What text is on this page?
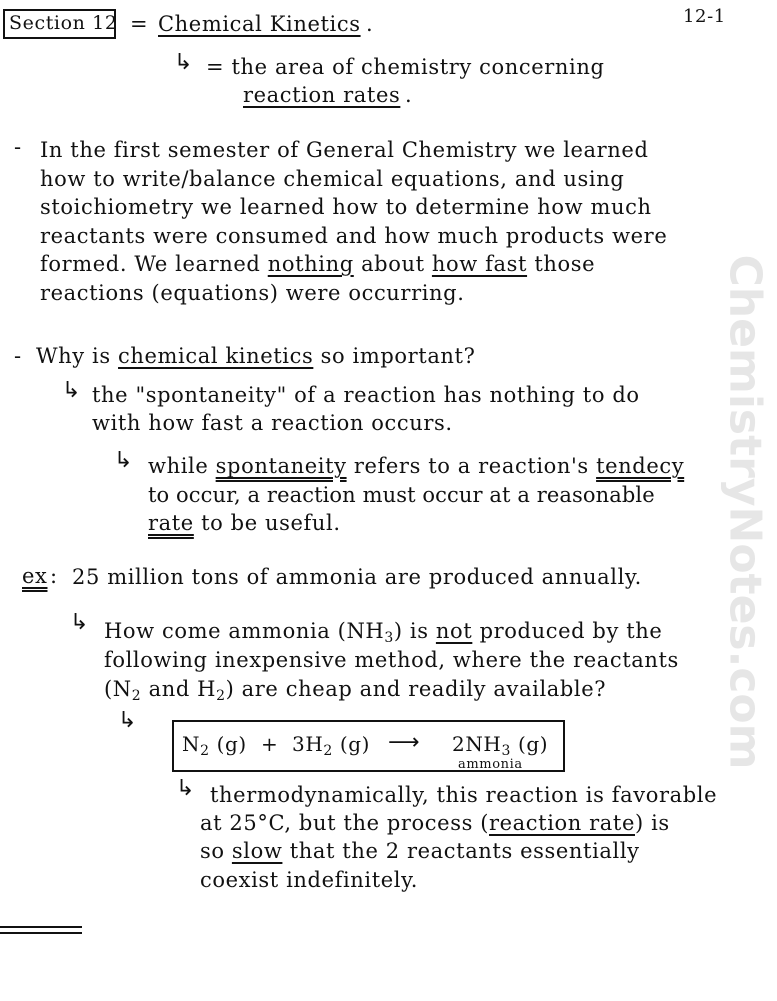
ChemistryNotes.com
12-1
Section 12 = Chemical Kinetics .
↳ = the area of chemistry concerning
reaction rates .
- In the first semester of General Chemistry we learned
how to write/balance chemical equations, and using
stoichiometry we learned how to determine how much
reactants were consumed and how much products were
formed. We learned nothing about how fast those
reactions (equations) were occurring.
- Why is chemical kinetics so important?
↳ the "spontaneity" of a reaction has nothing to do
with how fast a reaction occurs.
↳ while spontaneity refers to a reaction's tendecy
to occur, a reaction must occur at a reasonable
rate to be useful.
ex : 25 million tons of ammonia are produced annually.
↳ How come ammonia $(NH_3)$ is not produced by the
following inexpensive method, where the reactants
($N_2$ and $H_2$) are cheap and readily available?
↳
$N_2$ $(g) + 3H_2$ (g) ⟶ $2NH_3$ (g)
ammonia
↳ thermodynamically, this reaction is favorable
at 25°C, but the process (reaction rate) is
so slow that the 2 reactants essentially
coexist indefinitely.
